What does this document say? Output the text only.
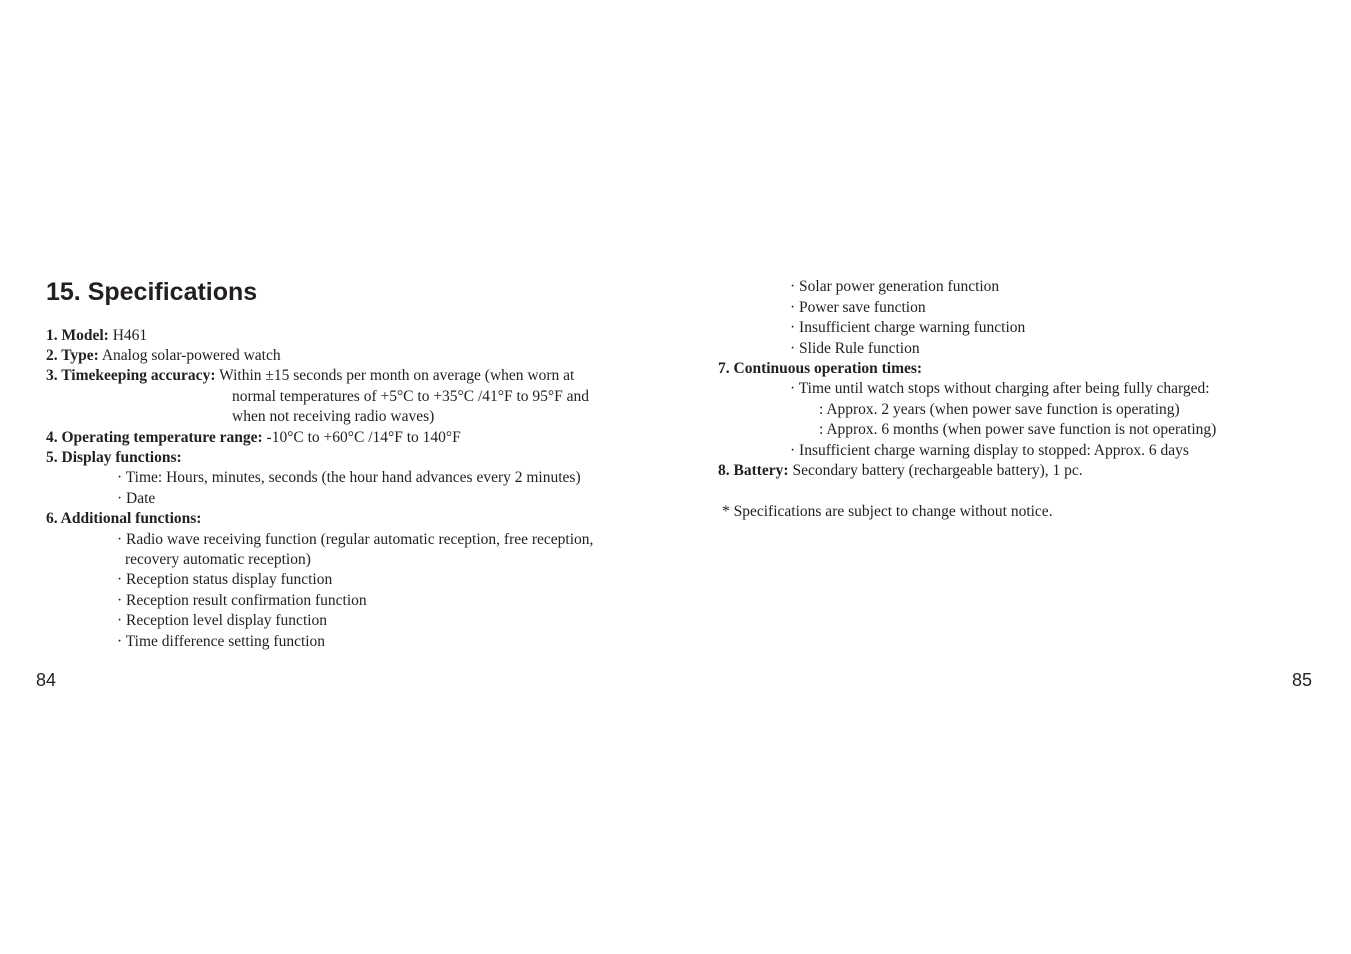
15. Specifications
1. Model: H461
2. Type: Analog solar-powered watch
3. Timekeeping accuracy: Within ±15 seconds per month on average (when worn at
normal temperatures of +5°C to +35°C /41°F to 95°F and
when not receiving radio waves)
4. Operating temperature range: -10°C to +60°C /14°F to 140°F
5. Display functions:
· Time: Hours, minutes, seconds (the hour hand advances every 2 minutes)
· Date
6. Additional functions:
· Radio wave receiving function (regular automatic reception, free reception,
recovery automatic reception)
· Reception status display function
· Reception result confirmation function
· Reception level display function
· Time difference setting function
84
· Solar power generation function
· Power save function
· Insufficient charge warning function
· Slide Rule function
7. Continuous operation times:
· Time until watch stops without charging after being fully charged:
: Approx. 2 years (when power save function is operating)
: Approx. 6 months (when power save function is not operating)
· Insufficient charge warning display to stopped: Approx. 6 days
8. Battery: Secondary battery (rechargeable battery), 1 pc.
* Specifications are subject to change without notice.
85
